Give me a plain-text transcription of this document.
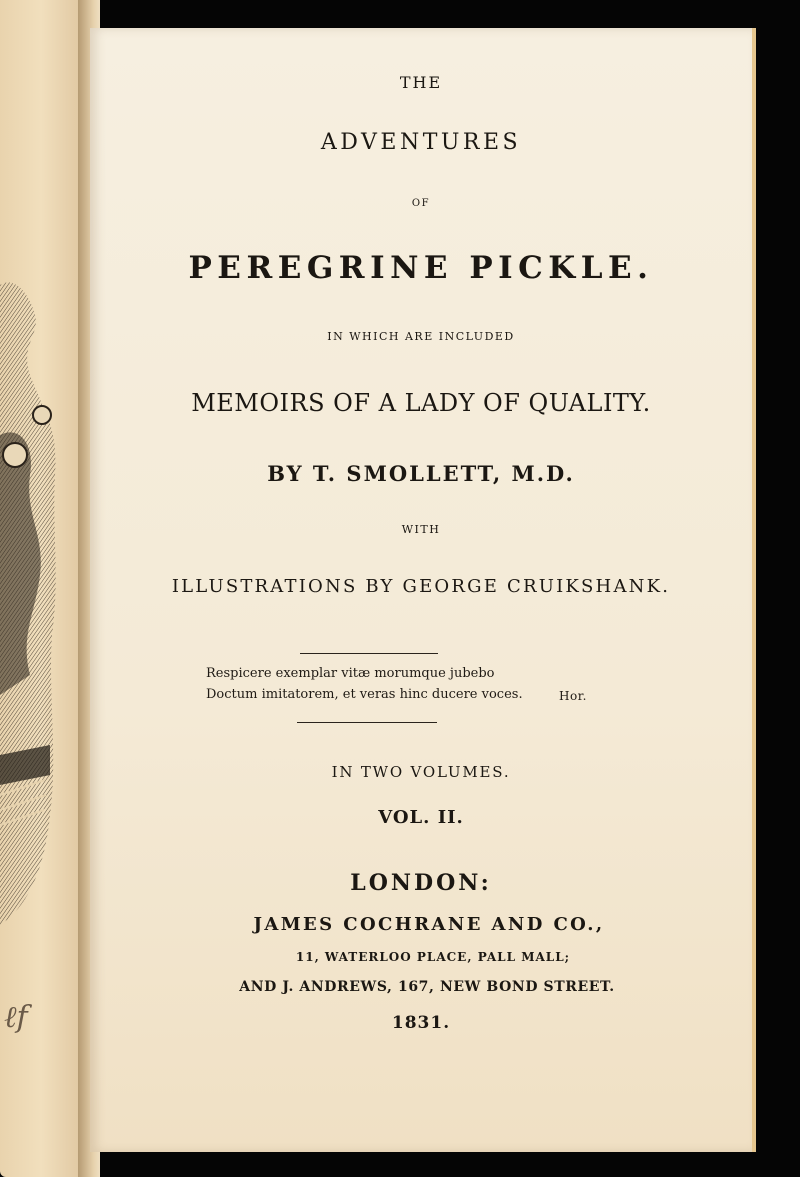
ℓf
THE
ADVENTURES
OF
PEREGRINE PICKLE.
IN WHICH ARE INCLUDED
MEMOIRS OF A LADY OF QUALITY.
BY T. SMOLLETT, M.D.
WITH
ILLUSTRATIONS BY GEORGE CRUIKSHANK.
Respicere exemplar vitæ morumque jubebo
Doctum imitatorem, et veras hinc ducere voces.	Hor.
IN TWO VOLUMES.
VOL. II.
LONDON:
JAMES COCHRANE AND CO.,
11, WATERLOO PLACE, PALL MALL;
AND J. ANDREWS, 167, NEW BOND STREET.
1831.
